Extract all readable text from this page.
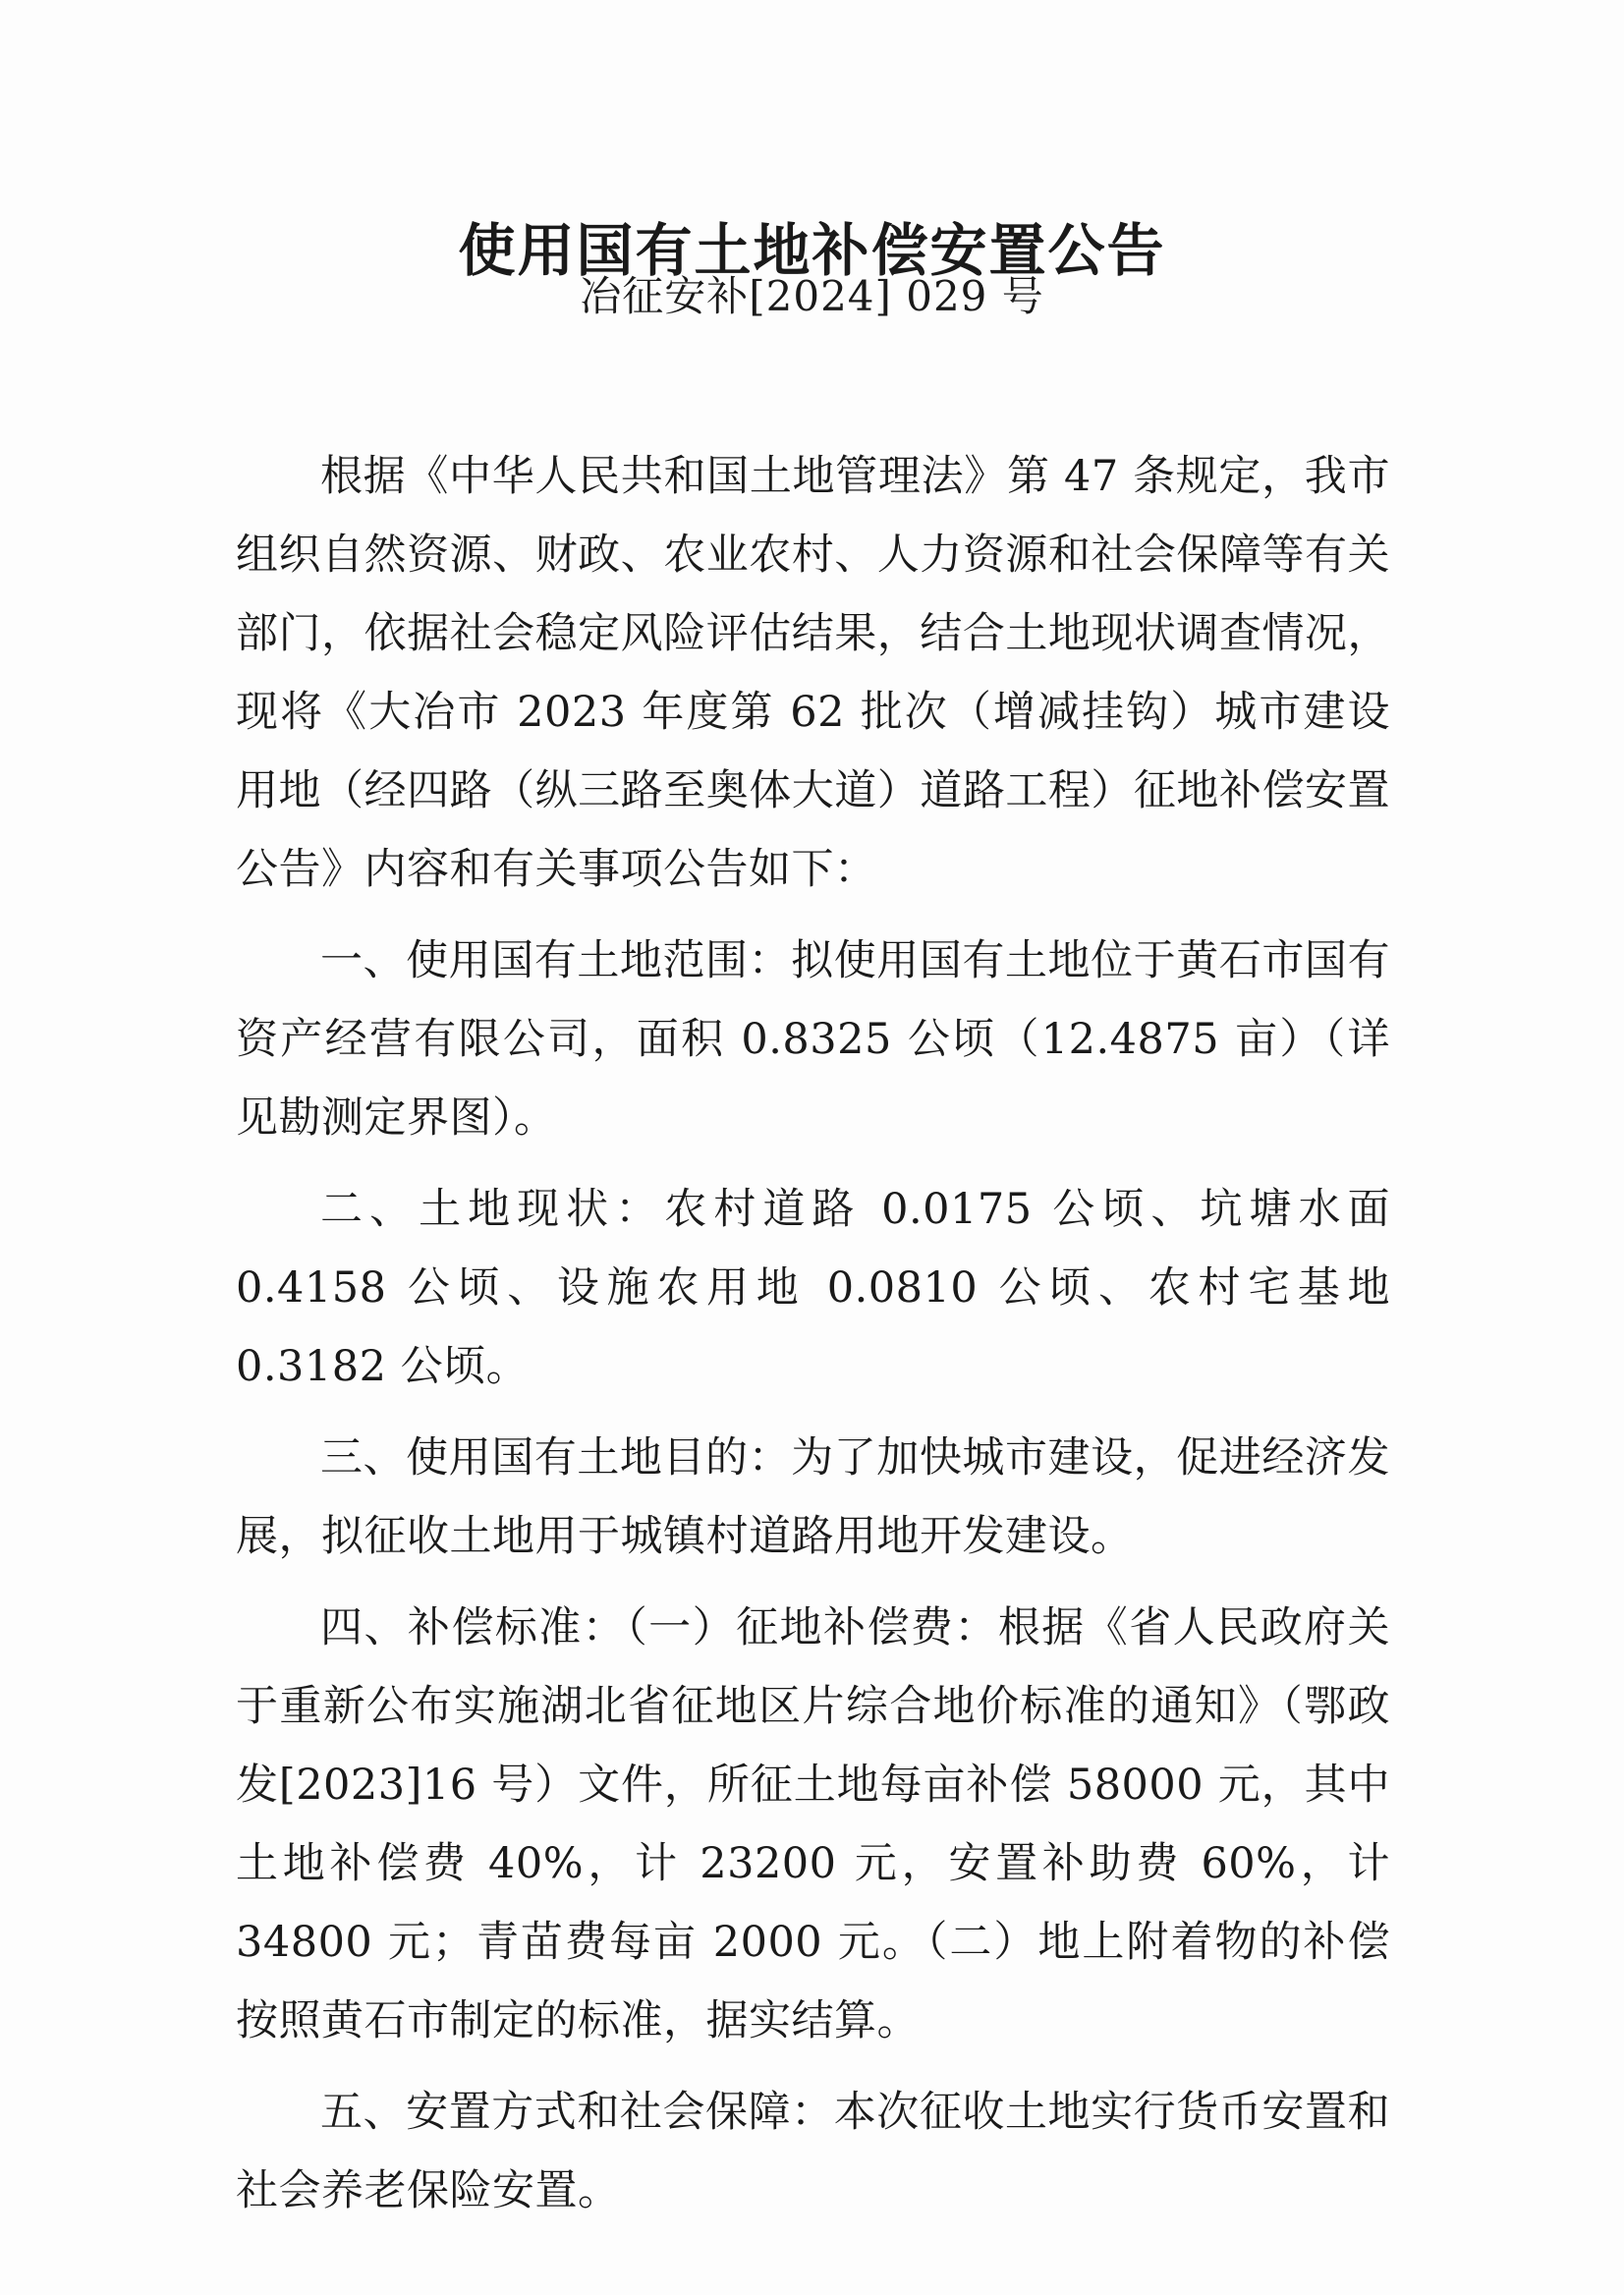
使用国有土地补偿安置公告
冶征安补[2024] 029 号

根据《中华人民共和国土地管理法》第 47 条规定，我市组织自然资源、财政、农业农村、人力资源和社会保障等有关部门，依据社会稳定风险评估结果，结合土地现状调查情况，现将《大冶市 2023 年度第 62 批次（增减挂钩）城市建设用地（经四路（纵三路至奥体大道）道路工程）征地补偿安置公告》内容和有关事项公告如下：

一、使用国有土地范围：拟使用国有土地位于黄石市国有资产经营有限公司，面积 0.8325 公顷（12.4875 亩）（详见勘测定界图）。

二、土地现状：农村道路 0.0175 公顷、坑塘水面 0.4158 公顷、设施农用地 0.0810 公顷、农村宅基地 0.3182 公顷。

三、使用国有土地目的：为了加快城市建设，促进经济发展，拟征收土地用于城镇村道路用地开发建设。

四、补偿标准：（一）征地补偿费：根据《省人民政府关于重新公布实施湖北省征地区片综合地价标准的通知》（鄂政发[2023]16 号）文件，所征土地每亩补偿 58000 元，其中土地补偿费 40%，计 23200 元，安置补助费 60%，计 34800 元；青苗费每亩 2000 元。（二）地上附着物的补偿按照黄石市制定的标准，据实结算。

五、安置方式和社会保障：本次征收土地实行货币安置和社会养老保险安置。
